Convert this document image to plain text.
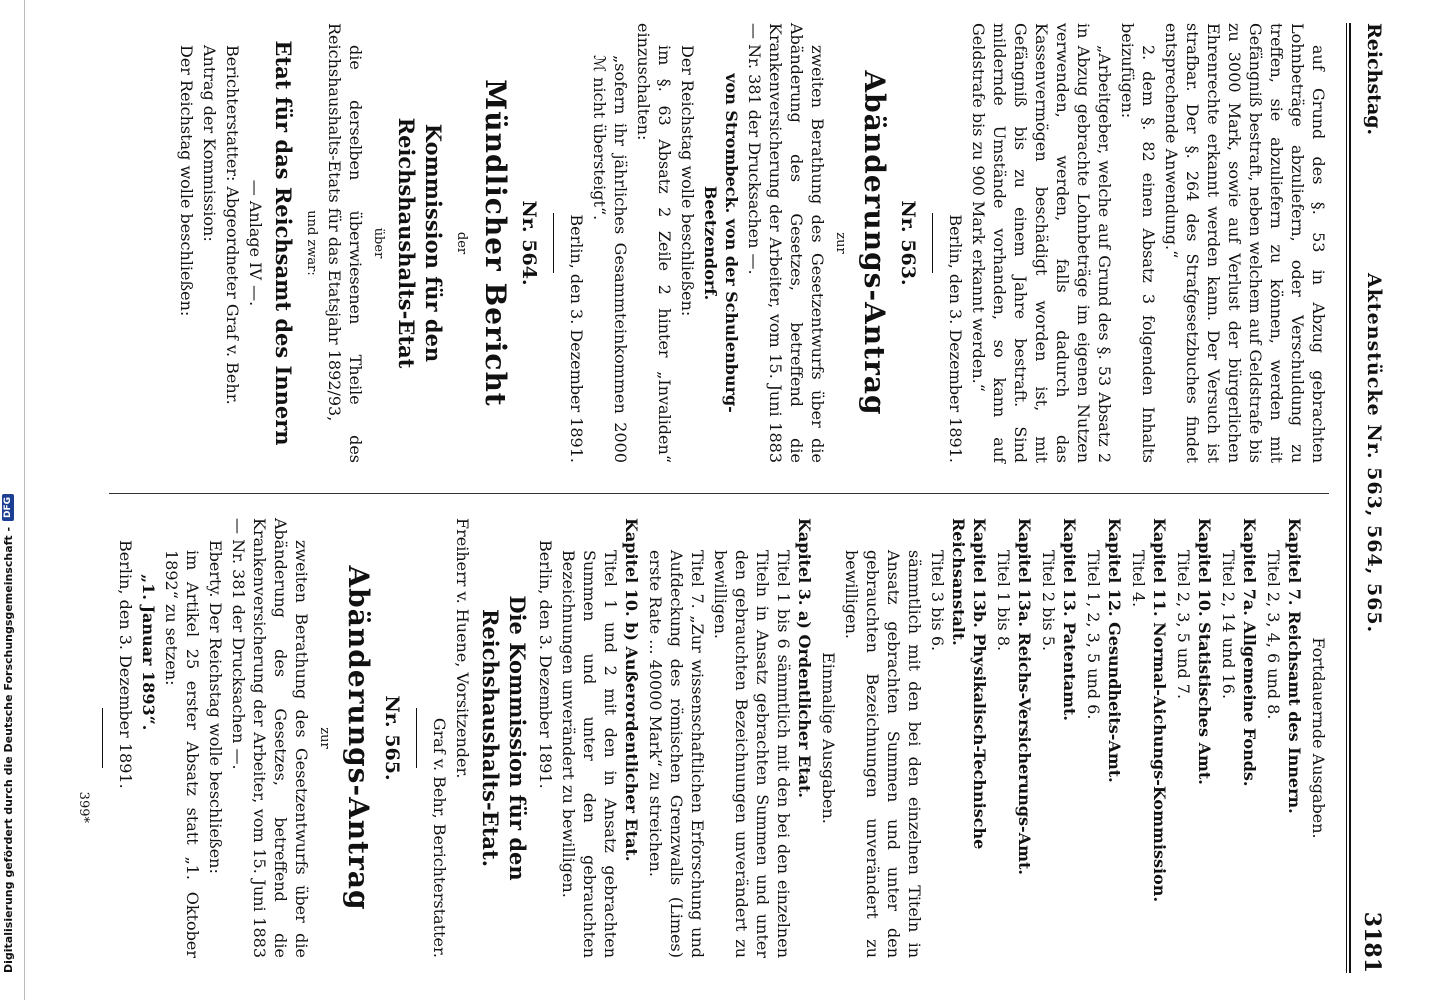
Digitalisierung gefördert durch die Deutsche Forschungsgemeinschaft -
DFG
Reichstag.
Aktenstücke Nr. 563, 564, 565.
3181

auf Grund des §. 53 in Abzug gebrachten Lohnbeträge abzuliefern, oder Verschuldung zu treffen, sie abzuliefern zu können, werden mit Gefängniß bestraft, neben welchem auf Geldstrafe bis zu 3000 Mark, sowie auf Verlust der bürgerlichen Ehrenrechte erkannt werden kann. Der Versuch ist strafbar. Der §. 264 des Strafgesetzbuches findet entsprechende Anwendung.“

2. dem §. 82 einen Absatz 3 folgenden Inhalts beizufügen:

„Arbeitgeber, welche auf Grund des §. 53 Absatz 2 in Abzug gebrachte Lohnbeträge im eigenen Nutzen verwenden, werden, falls dadurch das Kassenvermögen beschädigt worden ist, mit Gefängniß bis zu einem Jahre bestraft. Sind mildernde Umstände vorhanden, so kann auf Geldstrafe bis zu 900 Mark erkannt werden.“

Berlin, den 3. Dezember 1891.

Nr. 563.

Abänderungs-Antrag

zur

zweiten Berathung des Gesetzentwurfs über die Abänderung des Gesetzes, betreffend die Krankenversicherung der Arbeiter, vom 15. Juni 1883 — Nr. 381 der Drucksachen —.

von Strombeck. von der Schulenburg-Beetzendorf.

Der Reichstag wolle beschließen:

im §. 63 Absatz 2 Zeile 2 hinter „Invaliden“ einzuschalten:

„sofern ihr jährliches Gesammteinkommen 2000 ℳ nicht übersteigt“.

Berlin, den 3. Dezember 1891.

Nr. 564.

Mündlicher Bericht

der

Kommission für den Reichshaushalts-Etat

über

die derselben überwiesenen Theile des Reichshaushalts-Etats für das Etatsjahr 1892/93,

und zwar:

Etat für das Reichsamt des Innern

— Anlage IV —.

Berichterstatter: Abgeordneter Graf v. Behr.

Antrag der Kommission:

Der Reichstag wolle beschließen:

Fortdauernde Ausgaben.

Kapitel 7. Reichsamt des Innern.

Titel 2, 3, 4, 6 und 8.

Kapitel 7a. Allgemeine Fonds.

Titel 2, 14 und 16.

Kapitel 10. Statistisches Amt.

Titel 2, 3, 5 und 7.

Kapitel 11. Normal-Aichungs-Kommission.

Titel 4.

Kapitel 12. Gesundheits-Amt.

Titel 1, 2, 3, 5 und 6.

Kapitel 13. Patentamt.

Titel 2 bis 5.

Kapitel 13a. Reichs-Versicherungs-Amt.

Titel 1 bis 8.

Kapitel 13b. Physikalisch-Technische Reichsanstalt.

Titel 3 bis 6.

sämmtlich mit den bei den einzelnen Titeln in Ansatz gebrachten Summen und unter den gebrauchten Bezeichnungen unverändert zu bewilligen.

Einmalige Ausgaben.

Kapitel 3. a) Ordentlicher Etat.

Titel 1 bis 6 sämmtlich mit den bei den einzelnen Titeln in Ansatz gebrachten Summen und unter den gebrauchten Bezeichnungen unverändert zu bewilligen.

Titel 7. „Zur wissenschaftlichen Erforschung und Aufdeckung des römischen Grenzwalls (Limes) erste Rate ... 40000 Mark“ zu streichen.

Kapitel 10. b) Außerordentlicher Etat.

Titel 1 und 2 mit den in Ansatz gebrachten Summen und unter den gebrauchten Bezeichnungen unverändert zu bewilligen.

Berlin, den 3. Dezember 1891.

Die Kommission für den Reichshaushalts-Etat.

Freiherr v. Huene, Vorsitzender.

Graf v. Behr, Berichterstatter.

Nr. 565.

Abänderungs-Antrag

zur

zweiten Berathung des Gesetzentwurfs über die Abänderung des Gesetzes, betreffend die Krankenversicherung der Arbeiter, vom 15. Juni 1883 — Nr. 381 der Drucksachen —.

Eberty. Der Reichstag wolle beschließen:

im Artikel 25 erster Absatz statt „1. Oktober 1892“ zu setzen:

„1. Januar 1893“.

Berlin, den 3. Dezember 1891.

399*
